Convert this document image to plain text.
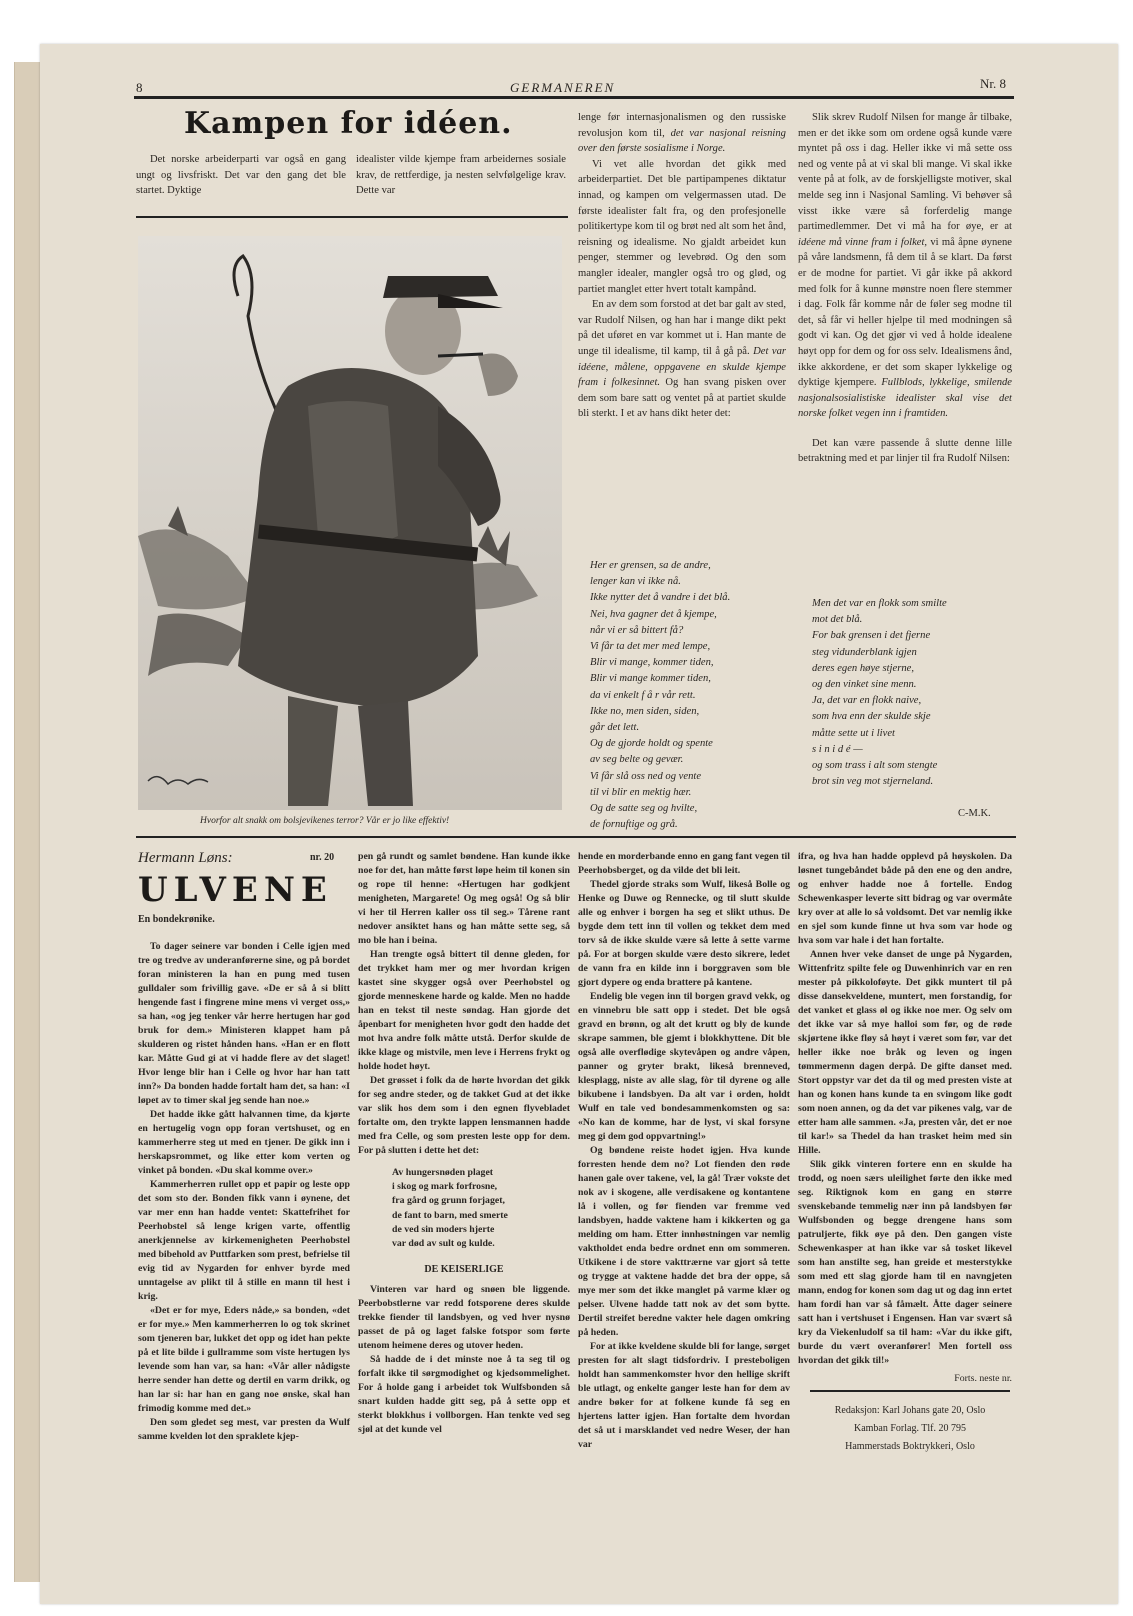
8	GERMANEREN	Nr. 8
Kampen for idéen.

Det norske arbeiderparti var også en gang ungt og livsfriskt. Det var den gang det ble startet. Dyktige

idealister vilde kjempe fram arbeidernes sosiale krav, de rettferdige, ja nesten selvfølgelige krav. Dette var

Hvorfor alt snakk om bolsjevikenes terror? Vår er jo like effektiv!

lenge før internasjonalismen og den russiske revolusjon kom til, det var nasjonal reisning over den første sosialisme i Norge.

Vi vet alle hvordan det gikk med arbeiderpartiet. Det ble partipampenes diktatur innad, og kampen om velgermassen utad. De første idealister falt fra, og den profesjonelle politikertype kom til og brøt ned alt som het ånd, reisning og idealisme. No gjaldt arbeidet kun penger, stemmer og levebrød. Og den som mangler idealer, mangler også tro og glød, og partiet manglet etter hvert totalt kampånd.

En av dem som forstod at det bar galt av sted, var Rudolf Nilsen, og han har i mange dikt pekt på det uføret en var kommet ut i. Han mante de unge til idealisme, til kamp, til å gå på. Det var idéene, målene, oppgavene en skulde kjempe fram i folkesinnet. Og han svang pisken over dem som bare satt og ventet på at partiet skulde bli sterkt. I et av hans dikt heter det:

Her er grensen, sa de andre,
lenger kan vi ikke nå.
Ikke nytter det å vandre i det blå.
Nei, hva gagner det å kjempe,
når vi er så bittert få?
Vi får ta det mer med lempe,
Blir vi mange, kommer tiden,
Blir vi mange kommer tiden,
da vi enkelt f å r vår rett.
Ikke no, men siden, siden,
går det lett.
Og de gjorde holdt og spente
av seg belte og gevær.
Vi får slå oss ned og vente
til vi blir en mektig hær.
Og de satte seg og hvilte,
de fornuftige og grå.

Slik skrev Rudolf Nilsen for mange år tilbake, men er det ikke som om ordene også kunde være myntet på oss i dag. Heller ikke vi må sette oss ned og vente på at vi skal bli mange. Vi skal ikke vente på at folk, av de forskjelligste motiver, skal melde seg inn i Nasjonal Samling. Vi behøver så visst ikke være så forferdelig mange partimedlemmer. Det vi må ha for øye, er at idéene må vinne fram i folket, vi må åpne øynene på våre landsmenn, få dem til å se klart. Da først er de modne for partiet. Vi går ikke på akkord med folk for å kunne mønstre noen flere stemmer i dag. Folk får komme når de føler seg modne til det, så får vi heller hjelpe til med modningen så godt vi kan. Og det gjør vi ved å holde idealene høyt opp for dem og for oss selv. Idealismens ånd, ikke akkordene, er det som skaper lykkelige og dyktige kjempere. Fullblods, lykkelige, smilende nasjonalsosialistiske idealister skal vise det norske folket vegen inn i framtiden.

Det kan være passende å slutte denne lille betraktning med et par linjer til fra Rudolf Nilsen:

Men det var en flokk som smilte
mot det blå.
For bak grensen i det fjerne
steg vidunderblank igjen
deres egen høye stjerne,
og den vinket sine menn.
Ja, det var en flokk naive,
som hva enn der skulde skje
måtte sette ut i livet
s i n i d é —
og som trass i alt som stengte
brot sin veg mot stjerneland.
C-M.K.
Hermann Løns:	nr. 20
ULVENE
En bondekrønike.

To dager seinere var bonden i Celle igjen med tre og tredve av underanførerne sine, og på bordet foran ministeren la han en pung med tusen gulldaler som frivillig gave. «De er så å si blitt hengende fast i fingrene mine mens vi verget oss,» sa han, «og jeg tenker vår herre hertugen har god bruk for dem.» Ministeren klappet ham på skulderen og ristet hånden hans. «Han er en flott kar. Måtte Gud gi at vi hadde flere av det slaget! Hvor lenge blir han i Celle og hvor har han tatt inn?» Da bonden hadde fortalt ham det, sa han: «I løpet av to timer skal jeg sende han noe.»

Det hadde ikke gått halvannen time, da kjørte en hertugelig vogn opp foran vertshuset, og en kammerherre steg ut med en tjener. De gikk inn i herskapsrommet, og like etter kom verten og vinket på bonden. «Du skal komme over.»

Kammerherren rullet opp et papir og leste opp det som sto der. Bonden fikk vann i øynene, det var mer enn han hadde ventet: Skattefrihet for Peerhobstel så lenge krigen varte, offentlig anerkjennelse av kirkemenigheten Peerhobstel med bibehold av Puttfarken som prest, befrielse til evig tid av Nygarden for enhver byrde med unntagelse av plikt til å stille en mann til hest i krig.

«Det er for mye, Eders nåde,» sa bonden, «det er for mye.» Men kammerherren lo og tok skrinet som tjeneren bar, lukket det opp og idet han pekte på et lite bilde i gullramme som viste hertugen lys levende som han var, sa han: «Vår aller nådigste herre sender han dette og dertil en varm drikk, og han lar si: har han en gang noe ønske, skal han frimodig komme med det.»

Den som gledet seg mest, var presten da Wulf samme kvelden lot den spraklete kjep-

pen gå rundt og samlet bøndene. Han kunde ikke noe for det, han måtte først løpe heim til konen sin og rope til henne: «Hertugen har godkjent menigheten, Margarete! Og meg også! Og så blir vi her til Herren kaller oss til seg.» Tårene rant nedover ansiktet hans og han måtte sette seg, så mo ble han i beina.

Han trengte også bittert til denne gleden, for det trykket ham mer og mer hvordan krigen kastet sine skygger også over Peerhobstel og gjorde menneskene harde og kalde. Men no hadde han en tekst til neste søndag. Han gjorde det åpenbart for menigheten hvor godt den hadde det mot hva andre folk måtte utstå. Derfor skulde de ikke klage og mistvile, men leve i Herrens frykt og holde hodet høyt.

Det grøsset i folk da de hørte hvordan det gikk for seg andre steder, og de takket Gud at det ikke var slik hos dem som i den egnen flyvebladet fortalte om, den trykte lappen lensmannen hadde med fra Celle, og som presten leste opp for dem. For på slutten i dette het det:

Av hungersnøden plaget
i skog og mark forfrosne,
fra gård og grunn forjaget,
de fant to barn, med smerte
de ved sin moders hjerte
var død av sult og kulde.
DE KEISERLIGE

Vinteren var hard og snøen ble liggende. Peerbobstlerne var redd fotsporene deres skulde trekke fiender til landsbyen, og ved hver nysnø passet de på og laget falske fotspor som førte utenom heimene deres og utover heden.

Så hadde de i det minste noe å ta seg til og forfalt ikke til sørgmodighet og kjedsommelighet. For å holde gang i arbeidet tok Wulfsbonden så snart kulden hadde gitt seg, på å sette opp et sterkt blokkhus i vollborgen. Han tenkte ved seg sjøl at det kunde vel

hende en morderbande enno en gang fant vegen til Peerhobsberget, og da vilde det bli leit.

Thedel gjorde straks som Wulf, likeså Bolle og Henke og Duwe og Rennecke, og til slutt skulde alle og enhver i borgen ha seg et slikt uthus. De bygde dem tett inn til vollen og tekket dem med torv så de ikke skulde være så lette å sette varme på. For at borgen skulde være desto sikrere, ledet de vann fra en kilde inn i borggraven som ble gjort dypere og enda brattere på kantene.

Endelig ble vegen inn til borgen gravd vekk, og en vinnebru ble satt opp i stedet. Det ble også gravd en brønn, og alt det krutt og bly de kunde skrape sammen, ble gjemt i blokkhyttene. Dit ble også alle overflødige skytevåpen og andre våpen, panner og gryter brakt, likeså brenneved, klesplagg, niste av alle slag, fòr til dyrene og alle bikubene i landsbyen. Da alt var i orden, holdt Wulf en tale ved bondesammenkomsten og sa: «No kan de komme, har de lyst, vi skal forsyne meg gi dem god oppvartning!»

Og bøndene reiste hodet igjen. Hva kunde forresten hende dem no? Lot fienden den røde hanen gale over takene, vel, la gå! Trær vokste det nok av i skogene, alle verdisakene og kontantene lå i vollen, og før fienden var fremme ved landsbyen, hadde vaktene ham i kikkerten og ga melding om ham. Etter innhøstningen var nemlig vaktholdet enda bedre ordnet enn om sommeren. Utkikene i de store vakttrærne var gjort så tette og trygge at vaktene hadde det bra der oppe, så mye mer som det ikke manglet på varme klær og pelser. Ulvene hadde tatt nok av det som bytte. Dertil streifet beredne vakter hele dagen omkring på heden.

For at ikke kveldene skulde bli for lange, sørget presten for alt slagt tidsfordriv. I presteboligen holdt han sammenkomster hvor den hellige skrift ble utlagt, og enkelte ganger leste han for dem av andre bøker for at folkene kunde få seg en hjertens latter igjen. Han fortalte dem hvordan det så ut i marsklandet ved nedre Weser, der han var

ifra, og hva han hadde opplevd på høyskolen. Da løsnet tungebåndet både på den ene og den andre, og enhver hadde noe å fortelle. Endog Schewenkasper leverte sitt bidrag og var overmåte kry over at alle lo så voldsomt. Det var nemlig ikke en sjel som kunde finne ut hva som var hode og hva som var hale i det han fortalte.

Annen hver veke danset de unge på Nygarden, Wittenfritz spilte fele og Duwenhinrich var en ren mester på pikkoloføyte. Det gikk muntert til på disse dansekveldene, muntert, men forstandig, for det vanket et glass øl og ikke noe mer. Og selv om det ikke var så mye halloi som før, og de røde skjørtene ikke fløy så høyt i været som før, var det heller ikke noe bråk og leven og ingen tømmermenn dagen derpå. De gifte danset med. Stort oppstyr var det da til og med presten viste at han og konen hans kunde ta en svingom like godt som noen annen, og da det var pikenes valg, var de etter ham alle sammen. «Ja, presten vår, det er noe til kar!» sa Thedel da han trasket heim med sin Hille.

Slik gikk vinteren fortere enn en skulde ha trodd, og noen særs uleilighet førte den ikke med seg. Riktignok kom en gang en større svenskebande temmelig nær inn på landsbyen før Wulfsbonden og begge drengene hans som patruljerte, fikk øye på den. Den gangen viste Schewenkasper at han ikke var så tosket likevel som han anstilte seg, han greide et mesterstykke som med ett slag gjorde ham til en navngjeten mann, endog for konen som dag ut og dag inn ertet ham fordi han var så fåmælt. Åtte dager seinere satt han i vertshuset i Engensen. Han var svært så kry da Viekenludolf sa til ham: «Var du ikke gift, burde du vært overanfører! Men fortell oss hvordan det gikk til!»

Forts. neste nr.
Redaksjon: Karl Johans gate 20, Oslo
Kamban Forlag. Tlf. 20 795
Hammerstads Boktrykkeri, Oslo
